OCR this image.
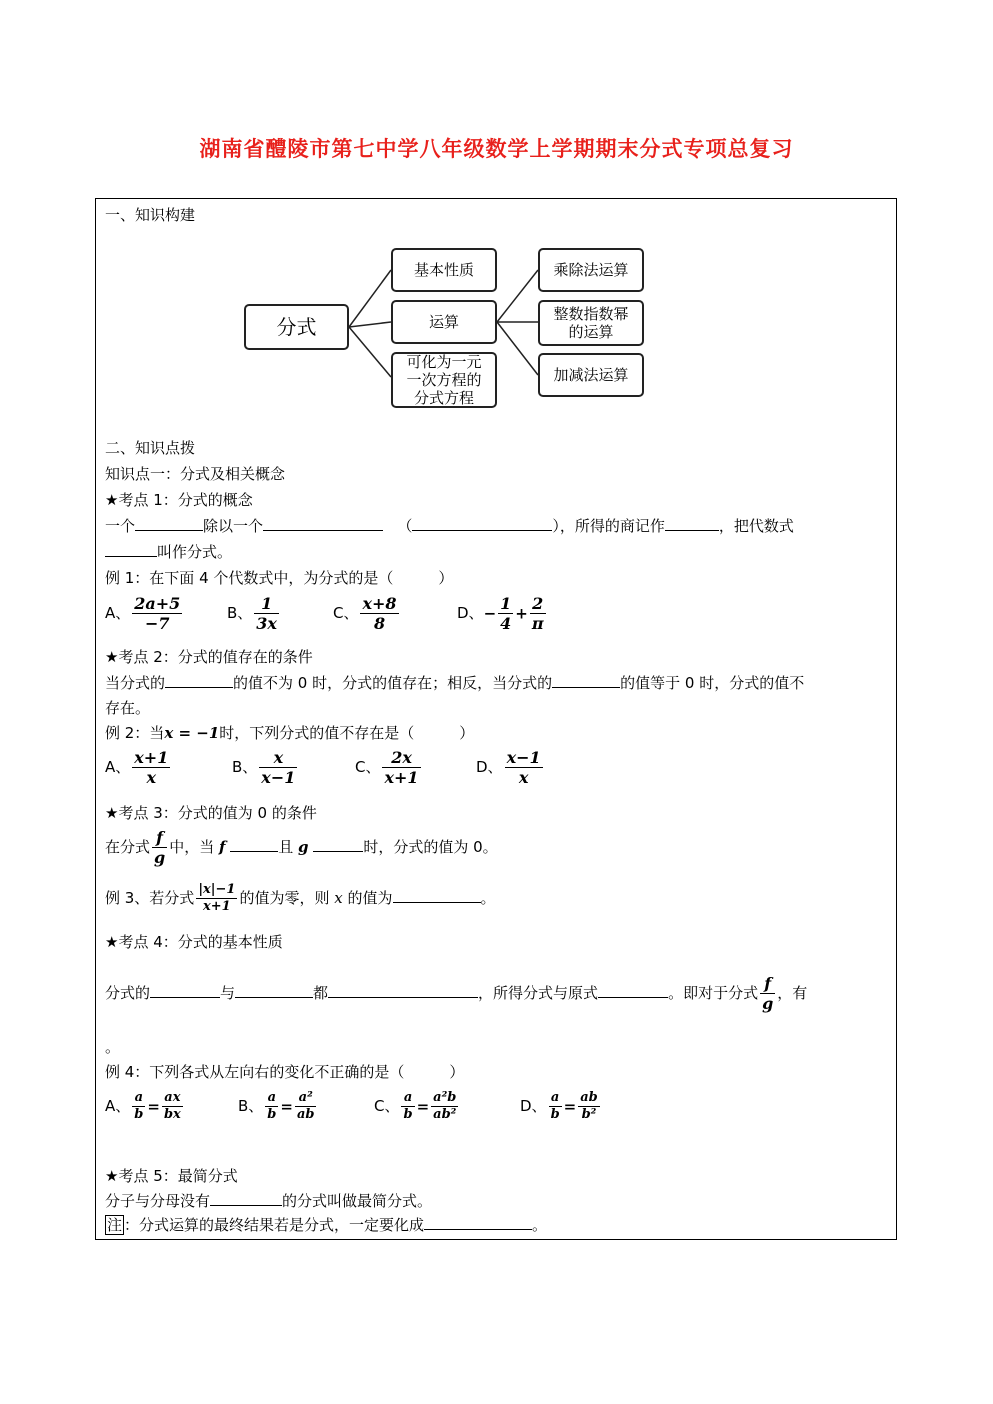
湖南省醴陵市第七中学八年级数学上学期期末分式专项总复习
一、知识构建
分式
基本性质
运算
可化为一元
一次方程的
分式方程
乘除法运算
整数指数幂
的运算
加减法运算
二、知识点拨
知识点一：分式及相关概念
★考点 1：分式的概念
一个	除以一个	（	），所得的商记作	，把代数式
叫作分式。
例 1：在下面 4 个代数式中，为分式的是（　　　）
A、 $\frac{2a+5}{-7}$	B、 $\frac{1}{3x}$	C、 $\frac{x+8}{8}$	D、− $\frac{1}{4} + \frac{2}{\pi}$
★考点 2：分式的值存在的条件
当分式的	的值不为 0 时，分式的值存在；相反，当分式的	的值等于 0 时，分式的值不
存在。
例 2：当x = −1时，下列分式的值不存在是（　　　）
A、 $\frac{x+1}{x}$	B、 $\frac{x}{x-1}$	C、 $\frac{2x}{x+1}$	D、 $\frac{x-1}{x}$
★考点 3：分式的值为 0 的条件
在分式 $\frac{f}{g}$ 中，当 f	且 g	时，分式的值为 0。
例 3、若分式 $\frac{|x|-1}{x+1}$ 的值为零，则 x 的值为	。
★考点 4：分式的基本性质
分式的	与	都	，所得分式与原式	。即对于分式 $\frac{f}{g}$ ，有
。
例 4：下列各式从左向右的变化不正确的是（　　　）
A、 $\frac{a}{b} = \frac{ax}{bx}$	B、 $\frac{a}{b} = \frac{\text{a²}}{ab}$	C、 $\frac{a}{b} = \frac{\text{a²b}}{\text{ab²}}$	D、 $\frac{a}{b} = \frac{ab}{\text{b²}}$
★考点 5：最简分式
分子与分母没有	的分式叫做最简分式。
注 ：分式运算的最终结果若是分式，一定要化成	。
